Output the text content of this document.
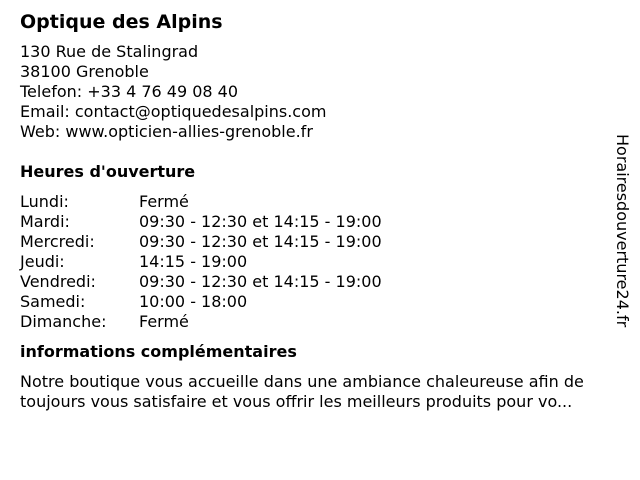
Optique des Alpins
130 Rue de Stalingrad
38100 Grenoble
Telefon: +33 4 76 49 08 40
Email: contact@optiquedesalpins.com
Web: www.opticien-allies-grenoble.fr
Heures d'ouverture
Lundi:	Fermé
Mardi:	09:30 - 12:30 et 14:15 - 19:00
Mercredi:	09:30 - 12:30 et 14:15 - 19:00
Jeudi:	14:15 - 19:00
Vendredi:	09:30 - 12:30 et 14:15 - 19:00
Samedi:	10:00 - 18:00
Dimanche:	Fermé
informations complémentaires
Notre boutique vous accueille dans une ambiance chaleureuse afin de
toujours vous satisfaire et vous offrir les meilleurs produits pour vo...
Horairesdouverture24.fr
